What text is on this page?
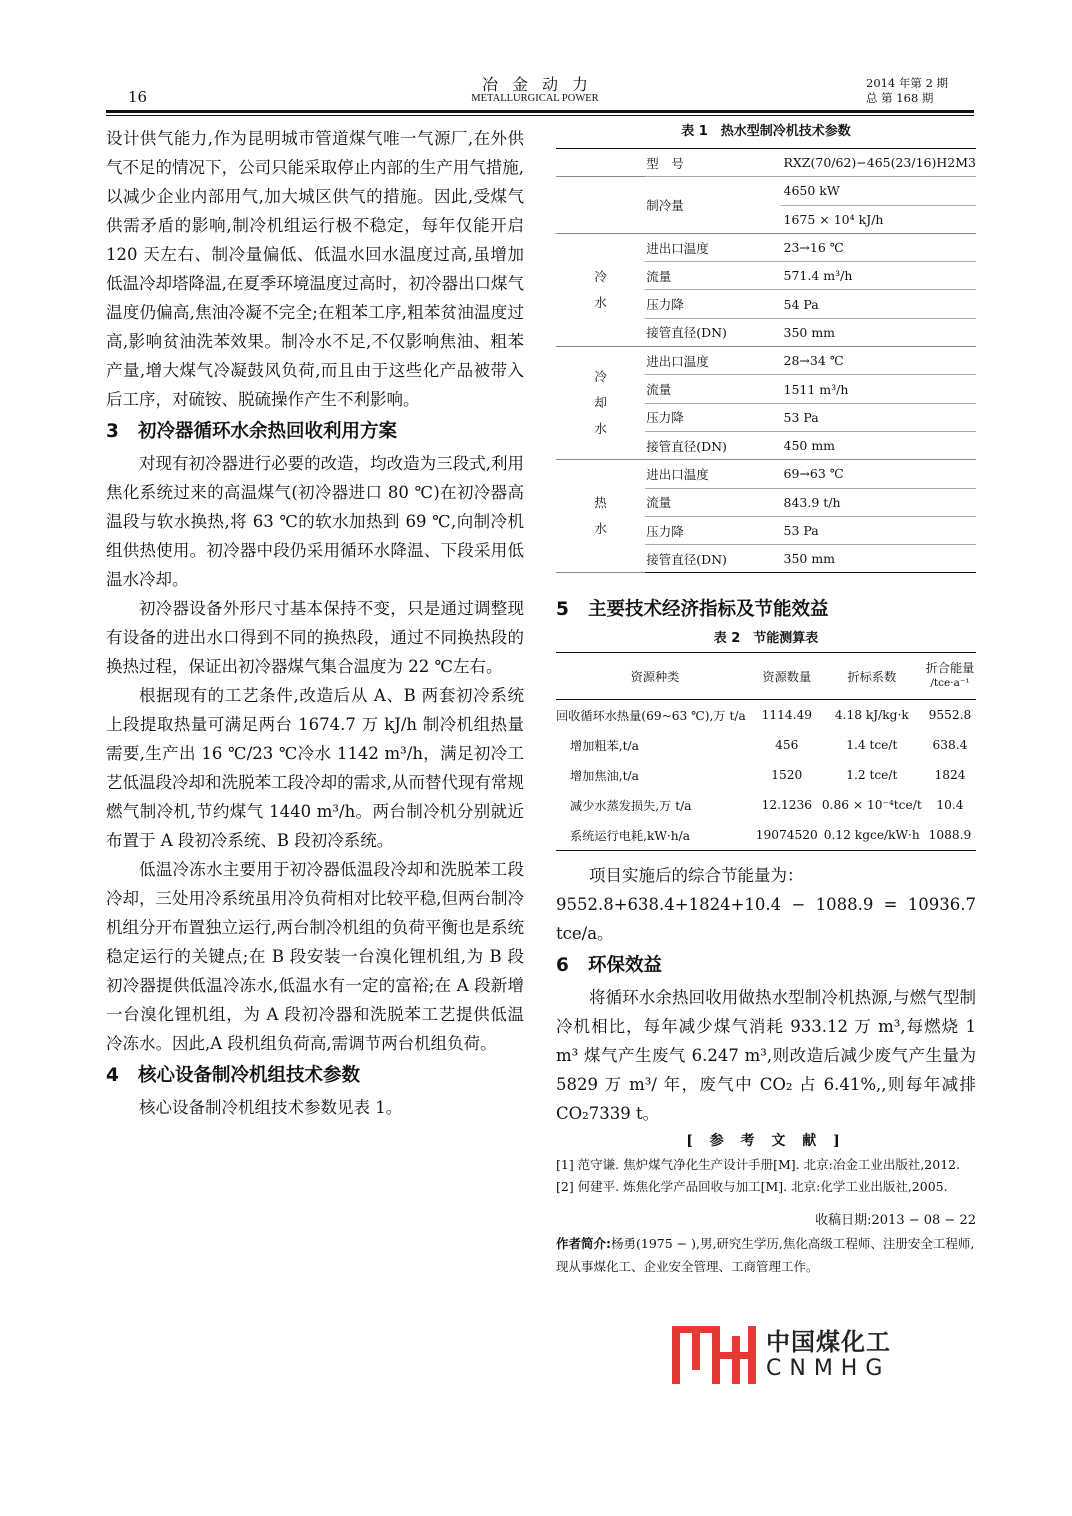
16
冶金动力
METALLURGICAL POWER
2014 年第 2 期
总 第 168 期

设计供气能力,作为昆明城市管道煤气唯一气源厂,在外供气不足的情况下，公司只能采取停止内部的生产用气措施,以减少企业内部用气,加大城区供气的措施。因此,受煤气供需矛盾的影响,制冷机组运行极不稳定，每年仅能开启 120 天左右、制冷量偏低、低温水回水温度过高,虽增加低温冷却塔降温,在夏季环境温度过高时，初冷器出口煤气温度仍偏高,焦油冷凝不完全;在粗苯工序,粗苯贫油温度过高,影响贫油洗苯效果。制冷水不足,不仅影响焦油、粗苯产量,增大煤气冷凝鼓风负荷,而且由于这些化产品被带入后工序，对硫铵、脱硫操作产生不利影响。

3 初冷器循环水余热回收利用方案

对现有初冷器进行必要的改造，均改造为三段式,利用焦化系统过来的高温煤气(初冷器进口 80 ℃)在初冷器高温段与软水换热,将 63 ℃的软水加热到 69 ℃,向制冷机组供热使用。初冷器中段仍采用循环水降温、下段采用低温水冷却。

初冷器设备外形尺寸基本保持不变，只是通过调整现有设备的进出水口得到不同的换热段，通过不同换热段的换热过程，保证出初冷器煤气集合温度为 22 ℃左右。

根据现有的工艺条件,改造后从 A、B 两套初冷系统上段提取热量可满足两台 1674.7 万 kJ/h 制冷机组热量需要,生产出 16 ℃/23 ℃冷水 1142 m³/h，满足初冷工艺低温段冷却和洗脱苯工段冷却的需求,从而替代现有常规燃气制冷机,节约煤气 1440 m³/h。两台制冷机分别就近布置于 A 段初冷系统、B 段初冷系统。

低温冷冻水主要用于初冷器低温段冷却和洗脱苯工段冷却，三处用冷系统虽用冷负荷相对比较平稳,但两台制冷机组分开布置独立运行,两台制冷机组的负荷平衡也是系统稳定运行的关键点;在 B 段安装一台溴化锂机组,为 B 段初冷器提供低温冷冻水,低温水有一定的富裕;在 A 段新增一台溴化锂机组，为 A 段初冷器和洗脱苯工艺提供低温冷冻水。因此,A 段机组负荷高,需调节两台机组负荷。

4 核心设备制冷机组技术参数

核心设备制冷机组技术参数见表 1。

表 1　热水型制冷机技术参数
	型　号	RXZ(70/62)−465(23/16)H2M3
	制冷量	4650 kW
		1675 × 10⁴ kJ/h

冷
水	进出口温度	23→16 ℃
	流量	571.4 m³/h
	压力降	54 Pa
	接管直径(DN)	350 mm

冷
却
水	进出口温度	28→34 ℃
	流量	1511 m³/h
	压力降	53 Pa
	接管直径(DN)	450 mm

热
水	进出口温度	69→63 ℃
	流量	843.9 t/h
	压力降	53 Pa
	接管直径(DN)	350 mm
5 主要技术经济指标及节能效益
表 2　节能测算表
资源种类	资源数量	折标系数	折合能量
/tce·a⁻¹

回收循环水热量(69~63 ℃),万 t/a	1114.49	4.18 kJ/kg·k	9552.8
增加粗苯,t/a	456	1.4 tce/t	638.4
增加焦油,t/a	1520	1.2 tce/t	1824
减少水蒸发损失,万 t/a	12.1236	0.86 × 10⁻⁴tce/t	10.4
系统运行电耗,kW·h/a	19074520	0.12 kgce/kW·h	1088.9

项目实施后的综合节能量为：

9552.8+638.4+1824+10.4 − 1088.9 = 10936.7 tce/a。

6 环保效益

将循环水余热回收用做热水型制冷机热源,与燃气型制冷机相比，每年减少煤气消耗 933.12 万 m³,每燃烧 1 m³ 煤气产生废气 6.247 m³,则改造后减少废气产生量为 5829 万 m³/ 年，废气中 CO₂ 占 6.41%,,则每年减排 CO₂7339 t。

[ 参 考 文 献 ]
[1] 范守谦. 焦炉煤气净化生产设计手册[M]. 北京:冶金工业出版社,2012.
[2] 何建平. 炼焦化学产品回收与加工[M]. 北京:化学工业出版社,2005.
收稿日期:2013 − 08 − 22
作者简介:杨勇(1975 − ),男,研究生学历,焦化高级工程师、注册安全工程师,现从事煤化工、企业安全管理、工商管理工作。
中国煤化工
CNMHG
